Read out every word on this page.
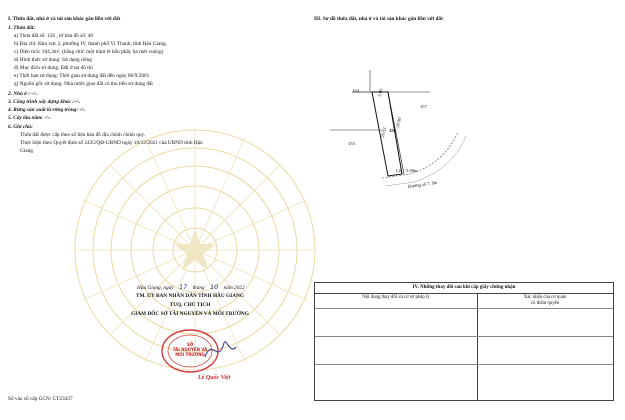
I. Thửa đất, nhà ở và tài sản khác gắn liền với đất
1. Thửa đất:
a) Thửa đất số: 156 , tờ bản đồ số: 40
b) Địa chỉ: Khu vực 2, phường IV, thành phố Vị Thanh, tỉnh Hậu Giang.
c) Diện tích: 104,3m², (bằng chữ: một trăm lẻ bốn phẩy ba mét vuông)
d) Hình thức sử dụng: Sử dụng riêng
đ) Mục đích sử dụng: Đất ở tại đô thị
e) Thời hạn sử dụng: Thời gian sử dụng đất đến ngày 06/9/2061
g) Nguồn gốc sử dụng: Nhà nước giao đất có thu tiền sử dụng đất
2. Nhà ở : -/-.
3. Công trình xây dựng khác :-/-.
4. Rừng sản xuất là rừng trồng: -/-.
5. Cây lâu năm: -/-.
6. Ghi chú:
Thửa đất được cấp theo số liệu bản đồ địa chính chính quy.
Thực hiện theo Quyết định số 2435/QĐ-UBND ngày 10/12/2021 của UBND tỉnh Hậu
Giang.
Hậu Giang, ngày 17 tháng 10 năm 2022
TM. ỦY BAN NHÂN DÂN TỈNH HẬU GIANG
TUQ. CHỦ TỊCH
GIÁM ĐỐC SỞ TÀI NGUYÊN VÀ MÔI TRƯỜNG
SỞ
TÀI NGUYÊN VÀ
MÔI TRƯỜNG
Lê Quốc Việt
Số vào sổ cấp GCN: CT23437
III. Sơ đồ thửa đất, nhà ở và tài sản khác gắn liền với đất
124
157
155
5.00
20.90
20.93 156
Lộ 5.00m
Đường số 7, 9m
IV. Những thay đổi sau khi cấp giấy chứng nhận
Nội dung thay đổi và cơ sở pháp lý	Xác nhận của cơ quan
có thẩm quyền
